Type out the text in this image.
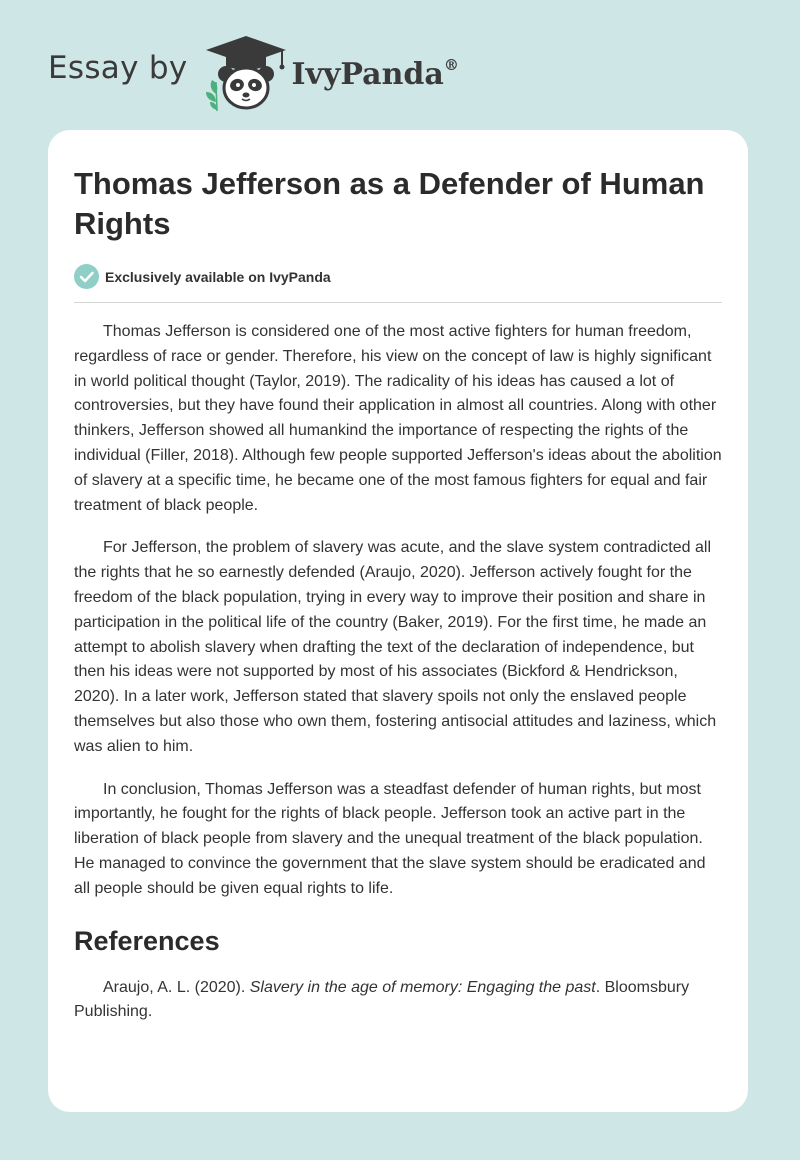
Essay by	IvyPanda®
Thomas Jefferson as a Defender of Human Rights
Exclusively available on IvyPanda

Thomas Jefferson is considered one of the most active fighters for human freedom, regardless of race or gender. Therefore, his view on the concept of law is highly significant in world political thought (Taylor, 2019). The radicality of his ideas has caused a lot of controversies, but they have found their application in almost all countries. Along with other thinkers, Jefferson showed all humankind the importance of respecting the rights of the individual (Filler, 2018). Although few people supported Jefferson's ideas about the abolition of slavery at a specific time, he became one of the most famous fighters for equal and fair treatment of black people.

For Jefferson, the problem of slavery was acute, and the slave system contradicted all the rights that he so earnestly defended (Araujo, 2020). Jefferson actively fought for the freedom of the black population, trying in every way to improve their position and share in participation in the political life of the country (Baker, 2019). For the first time, he made an attempt to abolish slavery when drafting the text of the declaration of independence, but then his ideas were not supported by most of his associates (Bickford & Hendrickson, 2020). In a later work, Jefferson stated that slavery spoils not only the enslaved people themselves but also those who own them, fostering antisocial attitudes and laziness, which was alien to him.

In conclusion, Thomas Jefferson was a steadfast defender of human rights, but most importantly, he fought for the rights of black people. Jefferson took an active part in the liberation of black people from slavery and the unequal treatment of the black population. He managed to convince the government that the slave system should be eradicated and all people should be given equal rights to life.

References

Araujo, A. L. (2020). Slavery in the age of memory: Engaging the past. Bloomsbury Publishing.
